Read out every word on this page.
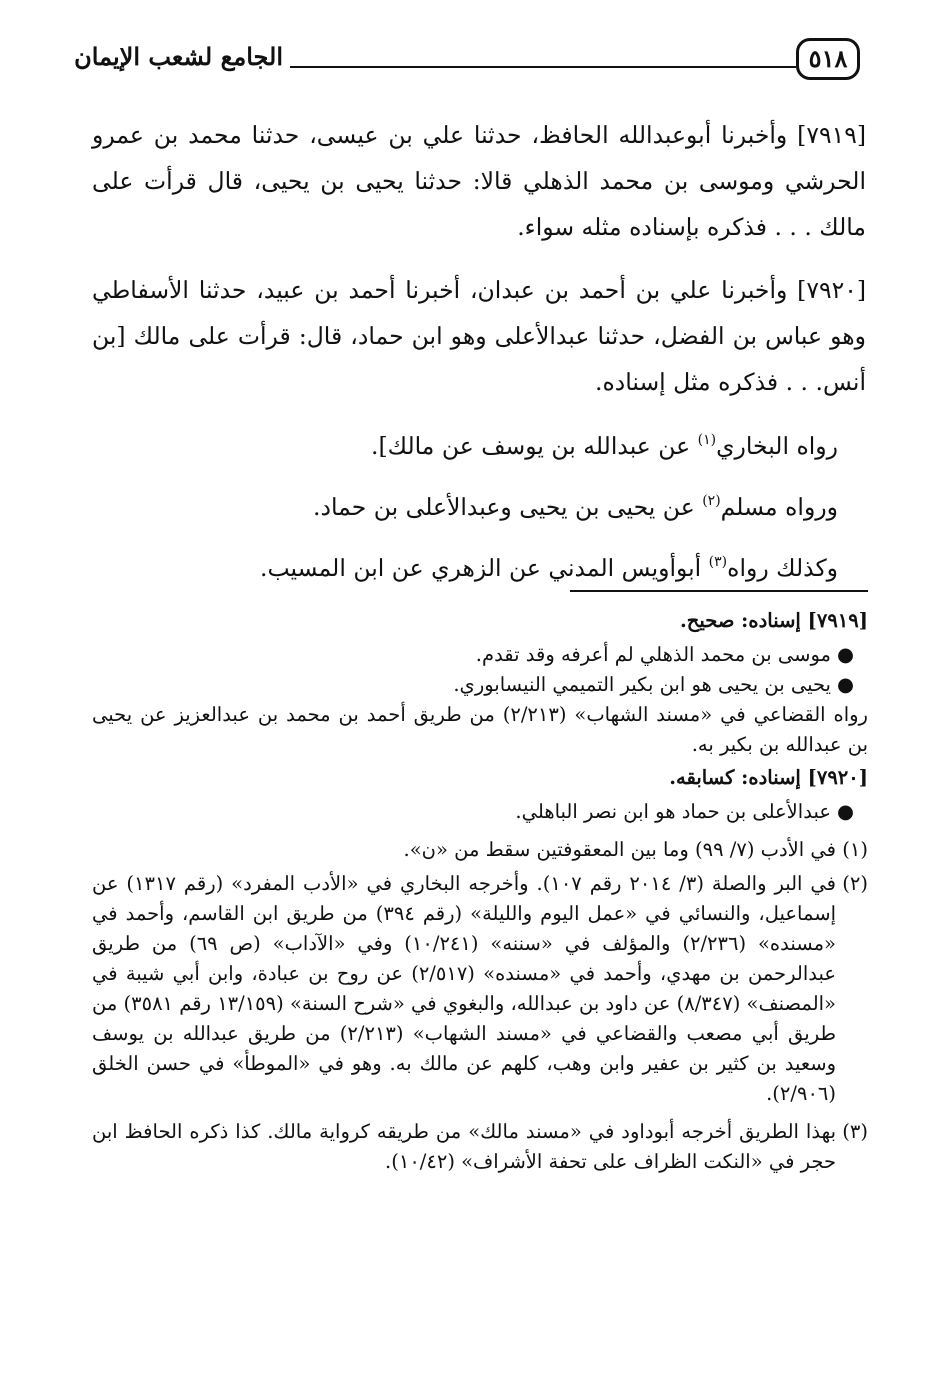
٥١٨
الجامع لشعب الإيمان

[٧٩١٩] وأخبرنا أبوعبدالله الحافظ، حدثنا علي بن عيسى، حدثنا محمد بن عمرو الحرشي وموسى بن محمد الذهلي قالا: حدثنا يحيى بن يحيى، قال قرأت على مالك . . . فذكره بإسناده مثله سواء.

[٧٩٢٠] وأخبرنا علي بن أحمد بن عبدان، أخبرنا أحمد بن عبيد، حدثنا الأسفاطي وهو عباس بن الفضل، حدثنا عبدالأعلى وهو ابن حماد، قال: قرأت على مالك [بن أنس. . . فذكره مثل إسناده.

رواه البخاري$^{(١)}$ عن عبدالله بن يوسف عن مالك].

ورواه مسلم$^{(٢)}$ عن يحيى بن يحيى وعبدالأعلى بن حماد.

وكذلك رواه$^{(٣)}$ أبوأويس المدني عن الزهري عن ابن المسيب.

[٧٩١٩] إسناده: صحيح.

●موسى بن محمد الذهلي لم أعرفه وقد تقدم.

●يحيى بن يحيى هو ابن بكير التميمي النيسابوري.

رواه القضاعي في «مسند الشهاب» (٢/٢١٣) من طريق أحمد بن محمد بن عبدالعزيز عن يحيى بن عبدالله بن بكير به.

[٧٩٢٠] إسناده: كسابقه.

●عبدالأعلى بن حماد هو ابن نصر الباهلي.

(١)
في الأدب (٧/ ٩٩) وما بين المعقوفتين سقط من «ن».
(٢)
في البر والصلة (٣/ ٢٠١٤ رقم ١٠٧). وأخرجه البخاري في «الأدب المفرد» (رقم ١٣١٧) عن إسماعيل، والنسائي في «عمل اليوم والليلة» (رقم ٣٩٤) من طريق ابن القاسم، وأحمد في «مسنده» (٢/٢٣٦) والمؤلف في «سننه» (١٠/٢٤١) وفي «الآداب» (ص ٦٩) من طريق عبدالرحمن بن مهدي، وأحمد في «مسنده» (٢/٥١٧) عن روح بن عبادة، وابن أبي شيبة في «المصنف» (٨/٣٤٧) عن داود بن عبدالله، والبغوي في «شرح السنة» (١٣/١٥٩ رقم ٣٥٨١) من طريق أبي مصعب والقضاعي في «مسند الشهاب» (٢/٢١٣) من طريق عبدالله بن يوسف وسعيد بن كثير بن عفير وابن وهب، كلهم عن مالك به. وهو في «الموطأ» في حسن الخلق (٢/٩٠٦).
(٣)
بهذا الطريق أخرجه أبوداود في «مسند مالك» من طريقه كرواية مالك. كذا ذكره الحافظ ابن حجر في «النكت الظراف على تحفة الأشراف» (١٠/٤٢).
